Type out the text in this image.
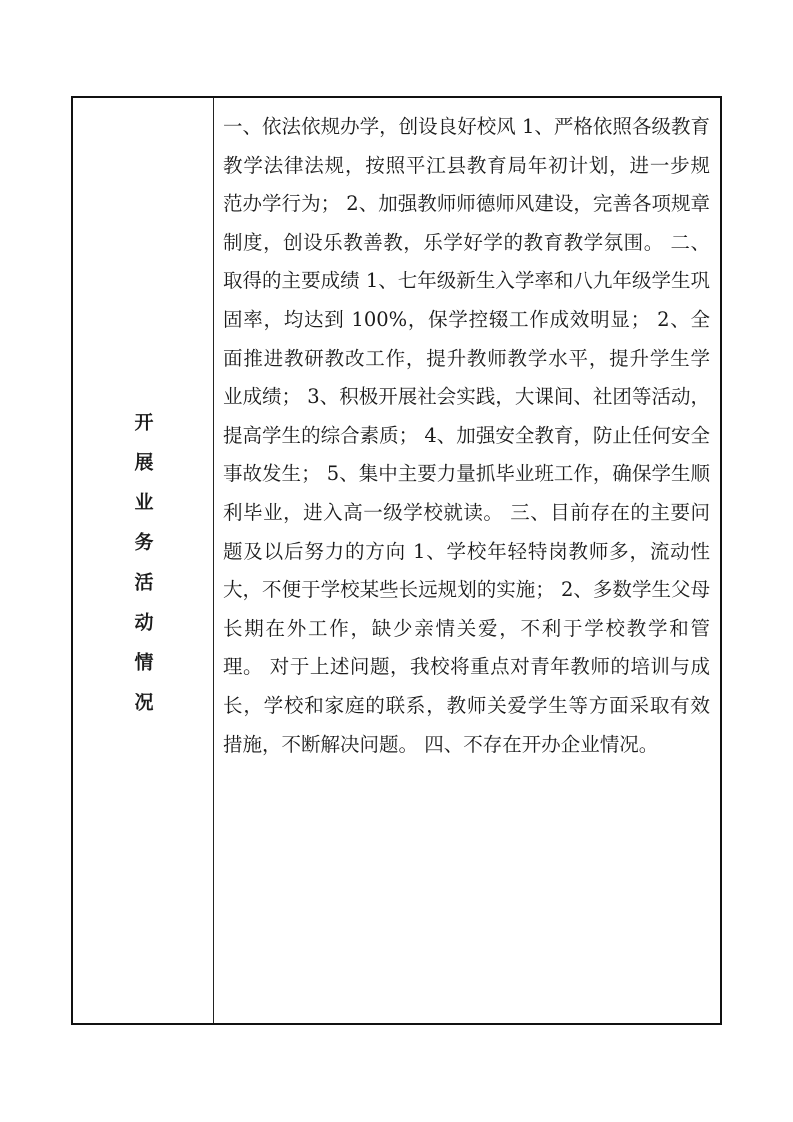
开展业务活动情况

一、依法依规办学，创设良好校风 1、严格依照各级教育教学法律法规，按照平江县教育局年初计划，进一步规范办学行为； 2、加强教师师德师风建设，完善各项规章制度，创设乐教善教，乐学好学的教育教学氛围。 二、取得的主要成绩 1、七年级新生入学率和八九年级学生巩固率，均达到 100%，保学控辍工作成效明显； 2、全面推进教研教改工作，提升教师教学水平，提升学生学业成绩； 3、积极开展社会实践，大课间、社团等活动，提高学生的综合素质； 4、加强安全教育，防止任何安全事故发生； 5、集中主要力量抓毕业班工作，确保学生顺利毕业，进入高一级学校就读。 三、目前存在的主要问题及以后努力的方向 1、学校年轻特岗教师多，流动性大，不便于学校某些长远规划的实施； 2、多数学生父母长期在外工作，缺少亲情关爱，不利于学校教学和管理。 对于上述问题，我校将重点对青年教师的培训与成长，学校和家庭的联系，教师关爱学生等方面采取有效措施，不断解决问题。 四、不存在开办企业情况。
